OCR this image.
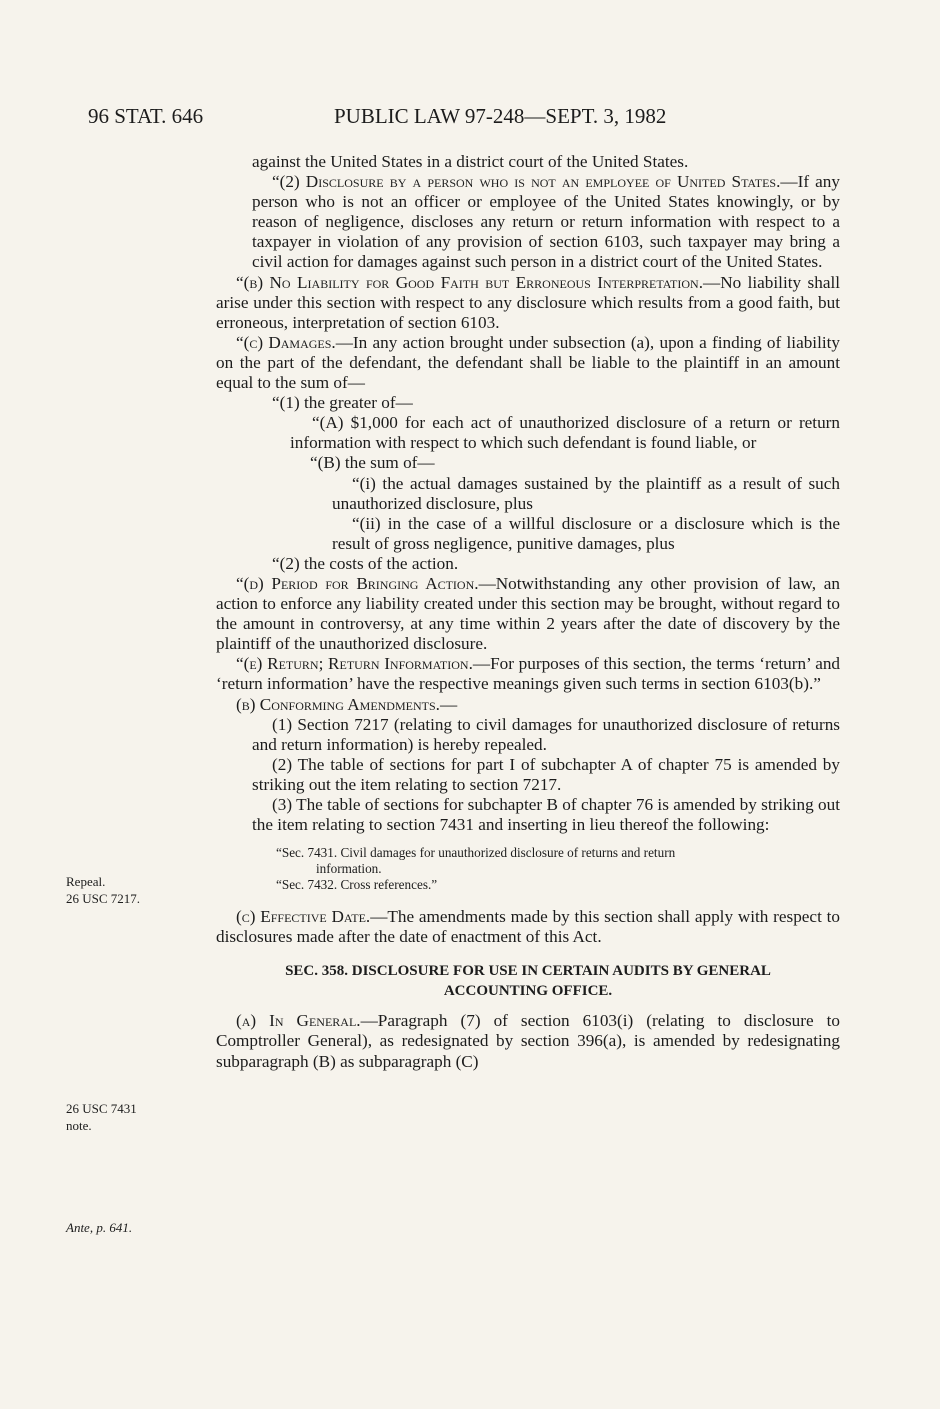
96 STAT. 646	PUBLIC LAW 97-248—SEPT. 3, 1982
Repeal.
26 USC 7217.
26 USC 7431
note.
Ante, p. 641.

against the United States in a district court of the United States.

“(2) Disclosure by a person who is not an employee of United States.—If any person who is not an officer or employee of the United States knowingly, or by reason of negligence, discloses any return or return information with respect to a taxpayer in violation of any provision of section 6103, such taxpayer may bring a civil action for damages against such person in a district court of the United States.

“(b) No Liability for Good Faith but Erroneous Interpretation.—No liability shall arise under this section with respect to any disclosure which results from a good faith, but erroneous, interpretation of section 6103.

“(c) Damages.—In any action brought under subsection (a), upon a finding of liability on the part of the defendant, the defendant shall be liable to the plaintiff in an amount equal to the sum of—

“(1) the greater of—

“(A) $1,000 for each act of unauthorized disclosure of a return or return information with respect to which such defendant is found liable, or

“(B) the sum of—

“(i) the actual damages sustained by the plaintiff as a result of such unauthorized disclosure, plus

“(ii) in the case of a willful disclosure or a disclosure which is the result of gross negligence, punitive damages, plus

“(2) the costs of the action.

“(d) Period for Bringing Action.—Notwithstanding any other provision of law, an action to enforce any liability created under this section may be brought, without regard to the amount in controversy, at any time within 2 years after the date of discovery by the plaintiff of the unauthorized disclosure.

“(e) Return; Return Information.—For purposes of this section, the terms ‘return’ and ‘return information’ have the respective meanings given such terms in section 6103(b).”

(b) Conforming Amendments.—

(1) Section 7217 (relating to civil damages for unauthorized disclosure of returns and return information) is hereby repealed.

(2) The table of sections for part I of subchapter A of chapter 75 is amended by striking out the item relating to section 7217.

(3) The table of sections for subchapter B of chapter 76 is amended by striking out the item relating to section 7431 and inserting in lieu thereof the following:

“Sec. 7431. Civil damages for unauthorized disclosure of returns and return
information.
“Sec. 7432. Cross references.”

(c) Effective Date.—The amendments made by this section shall apply with respect to disclosures made after the date of enactment of this Act.

SEC. 358. DISCLOSURE FOR USE IN CERTAIN AUDITS BY GENERAL

ACCOUNTING OFFICE.

(a) In General.—Paragraph (7) of section 6103(i) (relating to disclosure to Comptroller General), as redesignated by section 396(a), is amended by redesignating subparagraph (B) as subparagraph (C)
